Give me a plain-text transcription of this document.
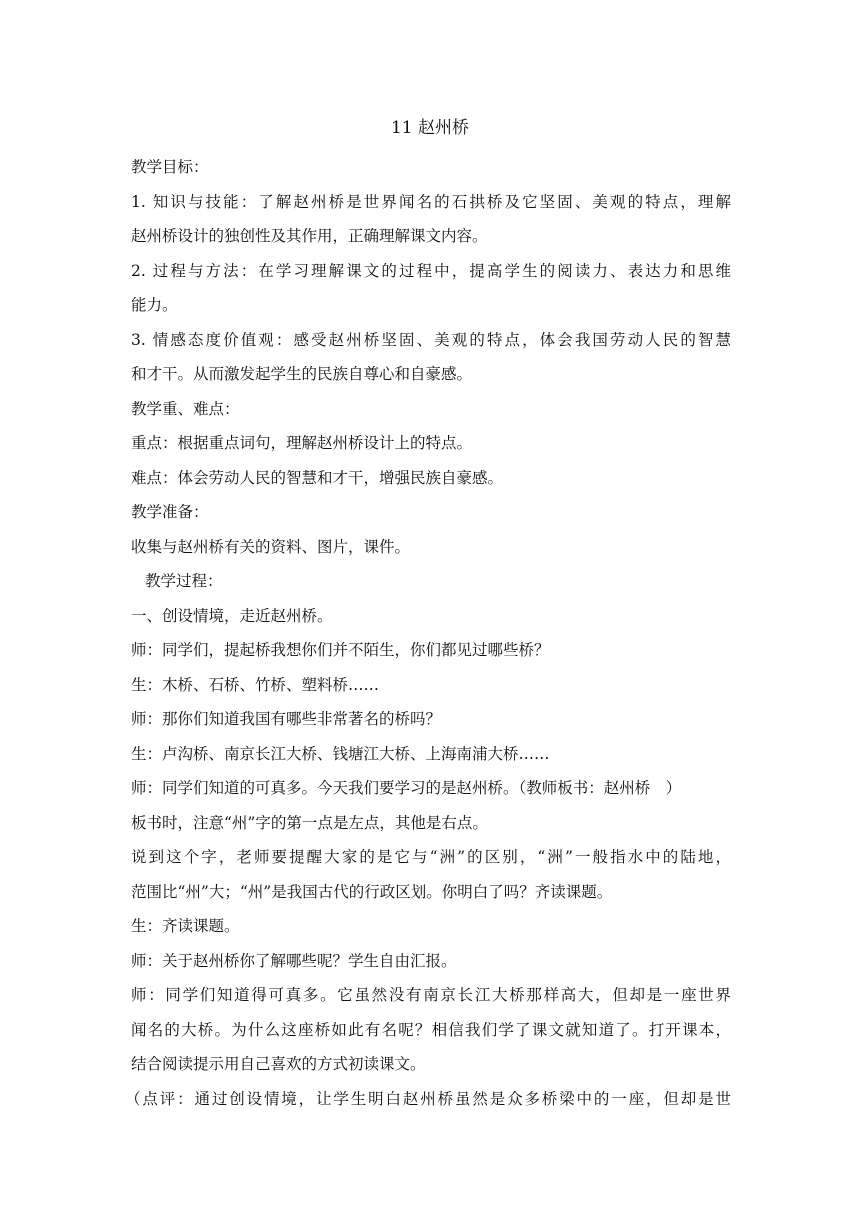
11 赵州桥
教学目标：
1. 知识与技能：了解赵州桥是世界闻名的石拱桥及它坚固、美观的特点，理解
赵州桥设计的独创性及其作用，正确理解课文内容。
2. 过程与方法：在学习理解课文的过程中，提高学生的阅读力、表达力和思维
能力。
3. 情感态度价值观：感受赵州桥坚固、美观的特点，体会我国劳动人民的智慧
和才干。从而激发起学生的民族自尊心和自豪感。
教学重、难点：
重点：根据重点词句，理解赵州桥设计上的特点。
难点：体会劳动人民的智慧和才干，增强民族自豪感。
教学准备：
收集与赵州桥有关的资料、图片，课件。
教学过程：
一、创设情境，走近赵州桥。
师：同学们，提起桥我想你们并不陌生，你们都见过哪些桥？
生：木桥、石桥、竹桥、塑料桥……
师：那你们知道我国有哪些非常著名的桥吗？
生：卢沟桥、南京长江大桥、钱塘江大桥、上海南浦大桥……
师：同学们知道的可真多。今天我们要学习的是赵州桥。（教师板书：赵州桥　）
板书时，注意“州”字的第一点是左点，其他是右点。
说到这个字，老师要提醒大家的是它与“洲”的区别，“洲”一般指水中的陆地，
范围比“州”大；“州”是我国古代的行政区划。你明白了吗？齐读课题。
生：齐读课题。
师：关于赵州桥你了解哪些呢？学生自由汇报。
师：同学们知道得可真多。它虽然没有南京长江大桥那样高大，但却是一座世界
闻名的大桥。为什么这座桥如此有名呢？相信我们学了课文就知道了。打开课本，
结合阅读提示用自己喜欢的方式初读课文。
（点评：通过创设情境，让学生明白赵州桥虽然是众多桥梁中的一座，但却是世
